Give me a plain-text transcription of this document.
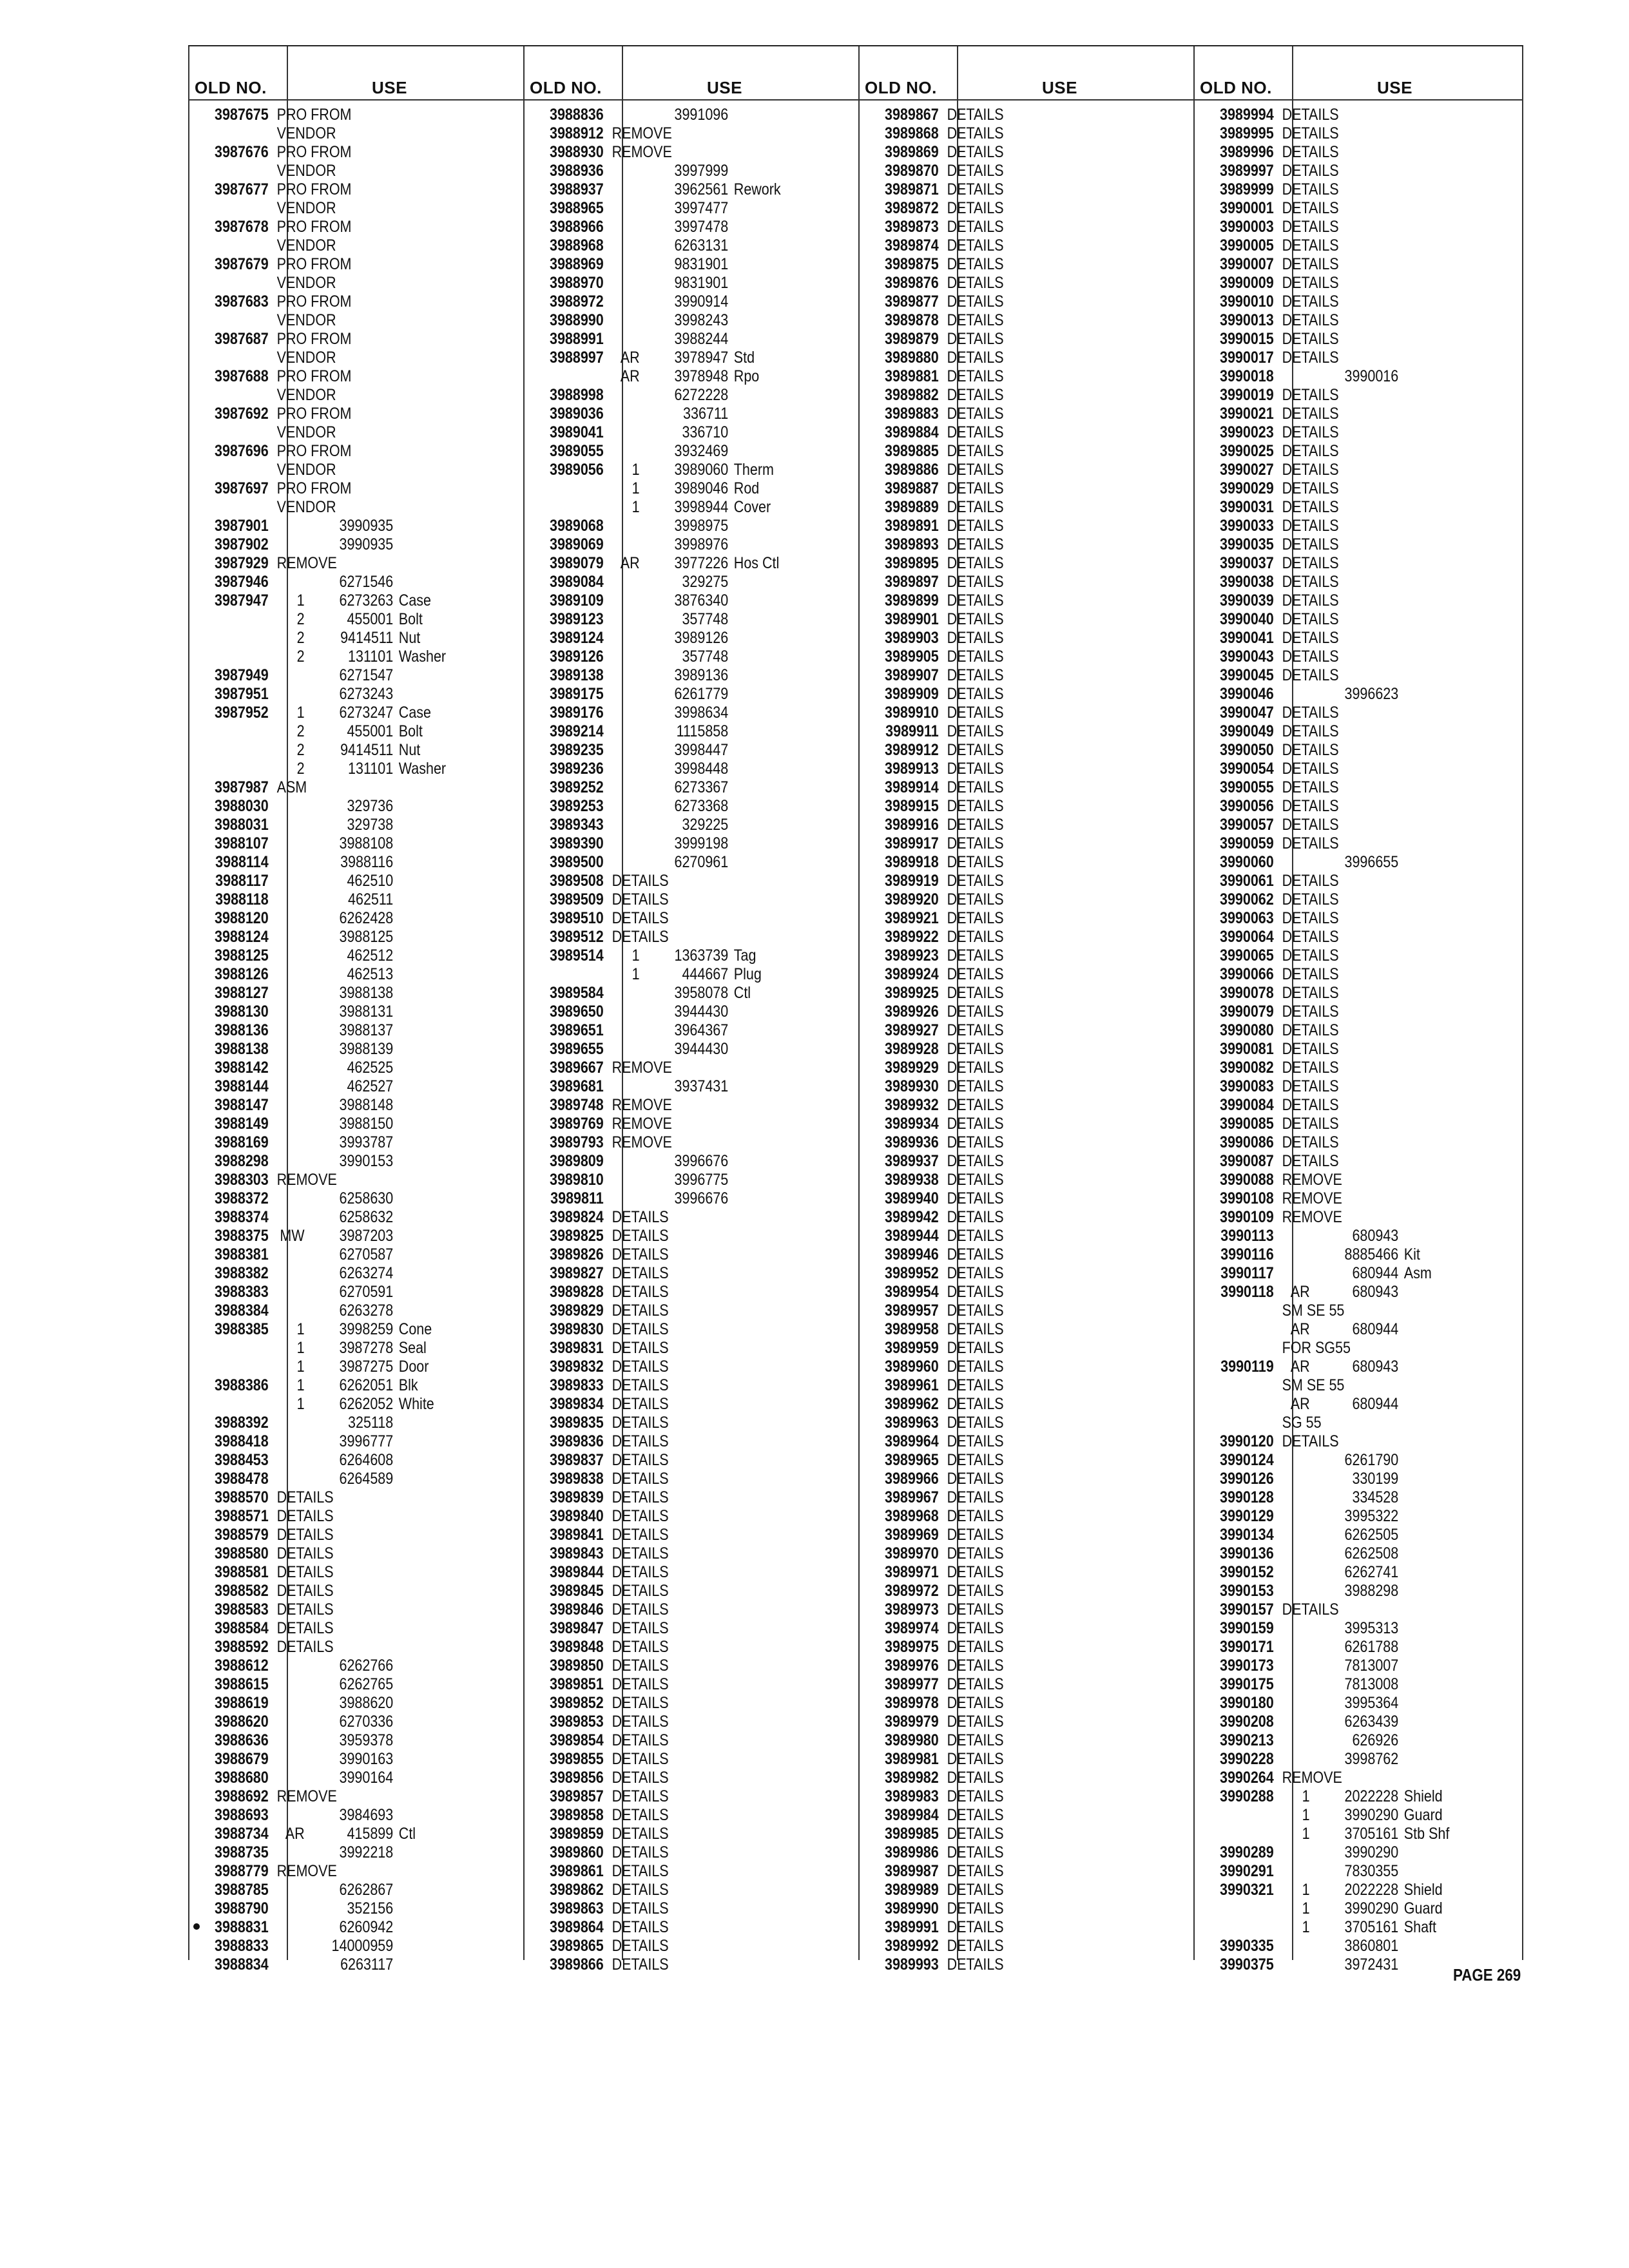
OLD NO.	USE
3987675 PRO FROM
VENDOR
3987676 PRO FROM
VENDOR
3987677 PRO FROM
VENDOR
3987678 PRO FROM
VENDOR
3987679 PRO FROM
VENDOR
3987683 PRO FROM
VENDOR
3987687 PRO FROM
VENDOR
3987688 PRO FROM
VENDOR
3987692 PRO FROM
VENDOR
3987696 PRO FROM
VENDOR
3987697 PRO FROM
VENDOR
3987901	3990935
3987902	3990935
3987929 REMOVE
3987946	6271546
3987947	1	6273263 Case
2	455001 Bolt
2	9414511 Nut
2	131101 Washer
3987949	6271547
3987951	6273243
3987952	1	6273247 Case
2	455001 Bolt
2	9414511 Nut
2	131101 Washer
3987987 ASM
3988030	329736
3988031	329738
3988107	3988108
3988114	3988116
3988117	462510
3988118	462511
3988120	6262428
3988124	3988125
3988125	462512
3988126	462513
3988127	3988138
3988130	3988131
3988136	3988137
3988138	3988139
3988142	462525
3988144	462527
3988147	3988148
3988149	3988150
3988169	3993787
3988298	3990153
3988303 REMOVE
3988372	6258630
3988374	6258632
3988375 MW	3987203
3988381	6270587
3988382	6263274
3988383	6270591
3988384	6263278
3988385	1	3998259 Cone
1	3987278 Seal
1	3987275 Door
3988386	1	6262051 Blk
1	6262052 White
3988392	325118
3988418	3996777
3988453	6264608
3988478	6264589
3988570 DETAILS
3988571 DETAILS
3988579 DETAILS
3988580 DETAILS
3988581 DETAILS
3988582 DETAILS
3988583 DETAILS
3988584 DETAILS
3988592 DETAILS
3988612	6262766
3988615	6262765
3988619	3988620
3988620	6270336
3988636	3959378
3988679	3990163
3988680	3990164
3988692 REMOVE
3988693	3984693
3988734	AR	415899 Ctl
3988735	3992218
3988779 REMOVE
3988785	6262867
3988790	352156
3988831	6260942
3988833	14000959
3988834	6263117
OLD NO.	USE
3988836	3991096
3988912 REMOVE
3988930 REMOVE
3988936	3997999
3988937	3962561 Rework
3988965	3997477
3988966	3997478
3988968	6263131
3988969	9831901
3988970	9831901
3988972	3990914
3988990	3998243
3988991	3988244
3988997	AR	3978947 Std
AR	3978948 Rpo
3988998	6272228
3989036	336711
3989041	336710
3989055	3932469
3989056	1	3989060 Therm
1	3989046 Rod
1	3998944 Cover
3989068	3998975
3989069	3998976
3989079	AR	3977226 Hos Ctl
3989084	329275
3989109	3876340
3989123	357748
3989124	3989126
3989126	357748
3989138	3989136
3989175	6261779
3989176	3998634
3989214	1115858
3989235	3998447
3989236	3998448
3989252	6273367
3989253	6273368
3989343	329225
3989390	3999198
3989500	6270961
3989508 DETAILS
3989509 DETAILS
3989510 DETAILS
3989512 DETAILS
3989514	1	1363739 Tag
1	444667 Plug
3989584	3958078 Ctl
3989650	3944430
3989651	3964367
3989655	3944430
3989667 REMOVE
3989681	3937431
3989748 REMOVE
3989769 REMOVE
3989793 REMOVE
3989809	3996676
3989810	3996775
3989811	3996676
3989824 DETAILS
3989825 DETAILS
3989826 DETAILS
3989827 DETAILS
3989828 DETAILS
3989829 DETAILS
3989830 DETAILS
3989831 DETAILS
3989832 DETAILS
3989833 DETAILS
3989834 DETAILS
3989835 DETAILS
3989836 DETAILS
3989837 DETAILS
3989838 DETAILS
3989839 DETAILS
3989840 DETAILS
3989841 DETAILS
3989843 DETAILS
3989844 DETAILS
3989845 DETAILS
3989846 DETAILS
3989847 DETAILS
3989848 DETAILS
3989850 DETAILS
3989851 DETAILS
3989852 DETAILS
3989853 DETAILS
3989854 DETAILS
3989855 DETAILS
3989856 DETAILS
3989857 DETAILS
3989858 DETAILS
3989859 DETAILS
3989860 DETAILS
3989861 DETAILS
3989862 DETAILS
3989863 DETAILS
3989864 DETAILS
3989865 DETAILS
3989866 DETAILS
OLD NO.	USE
3989867 DETAILS
3989868 DETAILS
3989869 DETAILS
3989870 DETAILS
3989871 DETAILS
3989872 DETAILS
3989873 DETAILS
3989874 DETAILS
3989875 DETAILS
3989876 DETAILS
3989877 DETAILS
3989878 DETAILS
3989879 DETAILS
3989880 DETAILS
3989881 DETAILS
3989882 DETAILS
3989883 DETAILS
3989884 DETAILS
3989885 DETAILS
3989886 DETAILS
3989887 DETAILS
3989889 DETAILS
3989891 DETAILS
3989893 DETAILS
3989895 DETAILS
3989897 DETAILS
3989899 DETAILS
3989901 DETAILS
3989903 DETAILS
3989905 DETAILS
3989907 DETAILS
3989909 DETAILS
3989910 DETAILS
3989911 DETAILS
3989912 DETAILS
3989913 DETAILS
3989914 DETAILS
3989915 DETAILS
3989916 DETAILS
3989917 DETAILS
3989918 DETAILS
3989919 DETAILS
3989920 DETAILS
3989921 DETAILS
3989922 DETAILS
3989923 DETAILS
3989924 DETAILS
3989925 DETAILS
3989926 DETAILS
3989927 DETAILS
3989928 DETAILS
3989929 DETAILS
3989930 DETAILS
3989932 DETAILS
3989934 DETAILS
3989936 DETAILS
3989937 DETAILS
3989938 DETAILS
3989940 DETAILS
3989942 DETAILS
3989944 DETAILS
3989946 DETAILS
3989952 DETAILS
3989954 DETAILS
3989957 DETAILS
3989958 DETAILS
3989959 DETAILS
3989960 DETAILS
3989961 DETAILS
3989962 DETAILS
3989963 DETAILS
3989964 DETAILS
3989965 DETAILS
3989966 DETAILS
3989967 DETAILS
3989968 DETAILS
3989969 DETAILS
3989970 DETAILS
3989971 DETAILS
3989972 DETAILS
3989973 DETAILS
3989974 DETAILS
3989975 DETAILS
3989976 DETAILS
3989977 DETAILS
3989978 DETAILS
3989979 DETAILS
3989980 DETAILS
3989981 DETAILS
3989982 DETAILS
3989983 DETAILS
3989984 DETAILS
3989985 DETAILS
3989986 DETAILS
3989987 DETAILS
3989989 DETAILS
3989990 DETAILS
3989991 DETAILS
3989992 DETAILS
3989993 DETAILS
OLD NO.	USE
3989994 DETAILS
3989995 DETAILS
3989996 DETAILS
3989997 DETAILS
3989999 DETAILS
3990001 DETAILS
3990003 DETAILS
3990005 DETAILS
3990007 DETAILS
3990009 DETAILS
3990010 DETAILS
3990013 DETAILS
3990015 DETAILS
3990017 DETAILS
3990018	3990016
3990019 DETAILS
3990021 DETAILS
3990023 DETAILS
3990025 DETAILS
3990027 DETAILS
3990029 DETAILS
3990031 DETAILS
3990033 DETAILS
3990035 DETAILS
3990037 DETAILS
3990038 DETAILS
3990039 DETAILS
3990040 DETAILS
3990041 DETAILS
3990043 DETAILS
3990045 DETAILS
3990046	3996623
3990047 DETAILS
3990049 DETAILS
3990050 DETAILS
3990054 DETAILS
3990055 DETAILS
3990056 DETAILS
3990057 DETAILS
3990059 DETAILS
3990060	3996655
3990061 DETAILS
3990062 DETAILS
3990063 DETAILS
3990064 DETAILS
3990065 DETAILS
3990066 DETAILS
3990078 DETAILS
3990079 DETAILS
3990080 DETAILS
3990081 DETAILS
3990082 DETAILS
3990083 DETAILS
3990084 DETAILS
3990085 DETAILS
3990086 DETAILS
3990087 DETAILS
3990088 REMOVE
3990108 REMOVE
3990109 REMOVE
3990113	680943
3990116	8885466 Kit
3990117	680944 Asm
3990118	AR	680943
SM SE 55
AR	680944
FOR SG55
3990119	AR	680943
SM SE 55
AR	680944
SG 55
3990120 DETAILS
3990124	6261790
3990126	330199
3990128	334528
3990129	3995322
3990134	6262505
3990136	6262508
3990152	6262741
3990153	3988298
3990157 DETAILS
3990159	3995313
3990171	6261788
3990173	7813007
3990175	7813008
3990180	3995364
3990208	6263439
3990213	626926
3990228	3998762
3990264 REMOVE
3990288	1	2022228 Shield
1	3990290 Guard
1	3705161 Stb Shf
3990289	3990290
3990291	7830355
3990321	1	2022228 Shield
1	3990290 Guard
1	3705161 Shaft
3990335	3860801
3990375	3972431
PAGE 269
